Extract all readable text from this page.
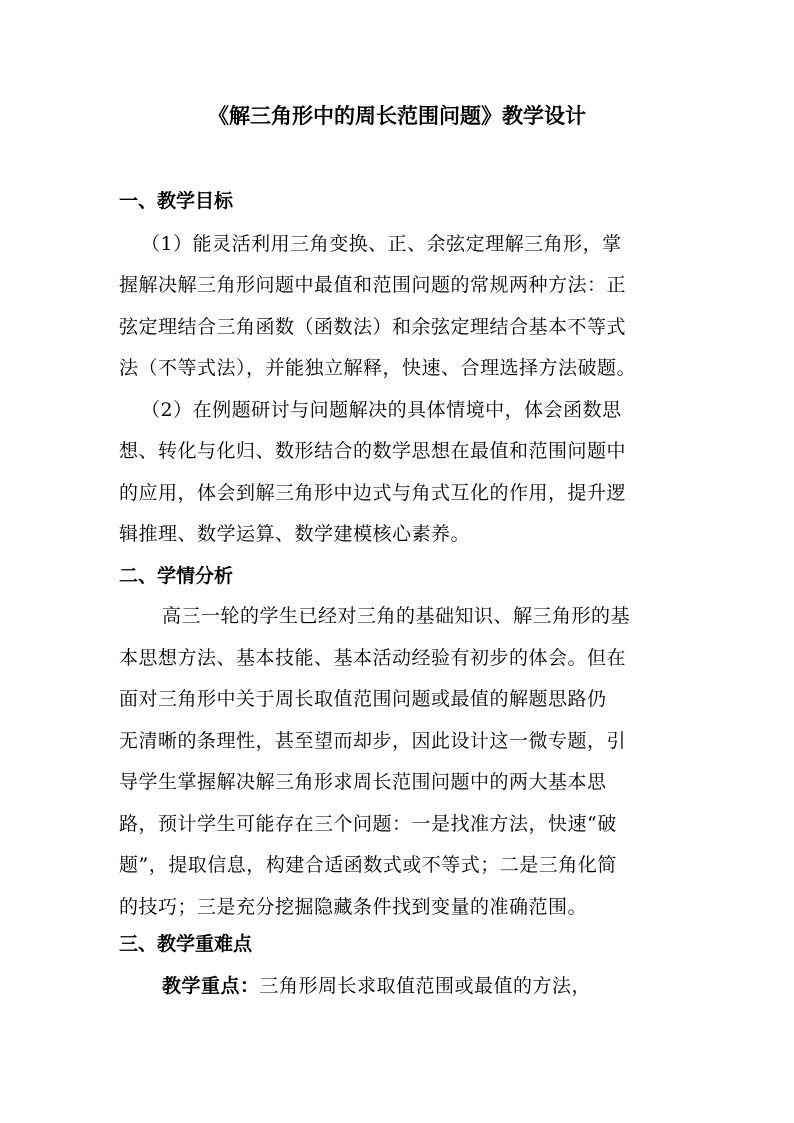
《解三角形中的周长范围问题》教学设计
一、教学目标
（1）能灵活利用三角变换、正、余弦定理解三角形，掌
握解决解三角形问题中最值和范围问题的常规两种方法：正
弦定理结合三角函数（函数法）和余弦定理结合基本不等式
法（不等式法），并能独立解释，快速、合理选择方法破题。
（2）在例题研讨与问题解决的具体情境中，体会函数思
想、转化与化归、数形结合的数学思想在最值和范围问题中
的应用，体会到解三角形中边式与角式互化的作用，提升逻
辑推理、数学运算、数学建模核心素养。
二、学情分析
高三一轮的学生已经对三角的基础知识、解三角形的基
本思想方法、基本技能、基本活动经验有初步的体会。但在
面对三角形中关于周长取值范围问题或最值的解题思路仍
无清晰的条理性，甚至望而却步，因此设计这一微专题，引
导学生掌握解决解三角形求周长范围问题中的两大基本思
路，预计学生可能存在三个问题：一是找准方法，快速“破
题”，提取信息，构建合适函数式或不等式；二是三角化简
的技巧；三是充分挖掘隐藏条件找到变量的准确范围。
三、教学重难点
教学重点：三角形周长求取值范围或最值的方法，
